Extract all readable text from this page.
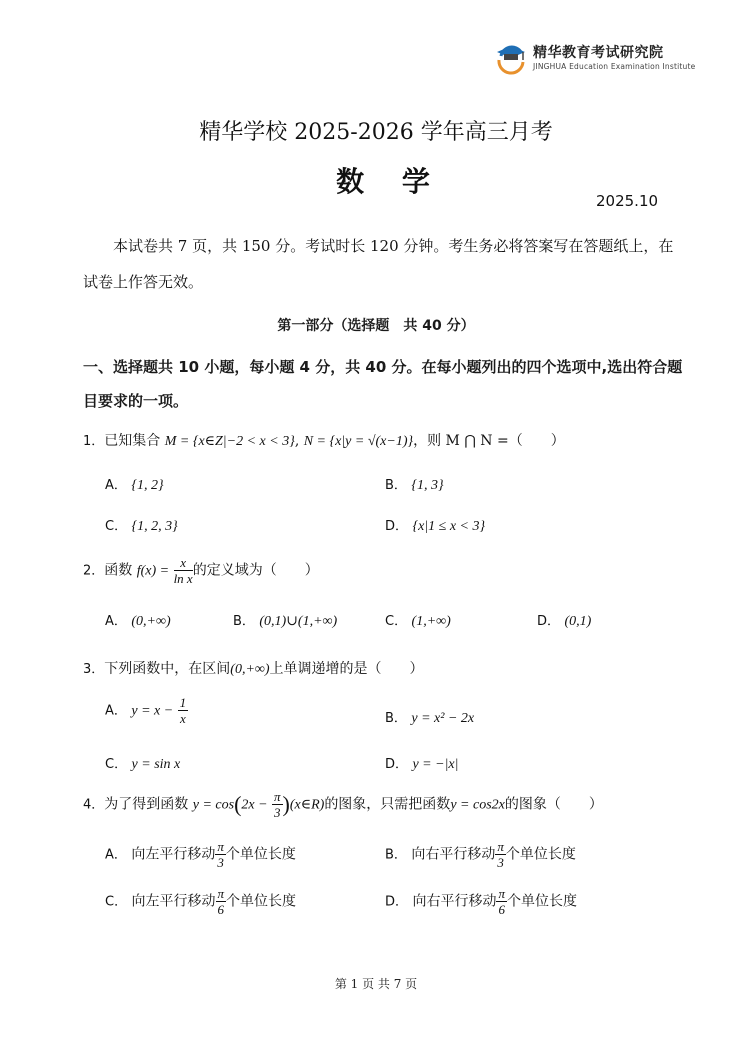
精华教育考试研究院
JINGHUA Education Examination Institute
精华学校 2025-2026 学年高三月考
数 学
2025.10
本试卷共 7 页，共 150 分。考试时长 120 分钟。考生务必将答案写在答题纸上，在
试卷上作答无效。
第一部分（选择题　共 40 分）
一、选择题共 10 小题，每小题 4 分，共 40 分。在每小题列出的四个选项中,选出符合题
目要求的一项。
1．已知集合 M = {x∈Z|−2 < x < 3}, N = {x|y = √(x−1)}，则 M ⋂ N =（　　）
A． {1, 2}	B． {1, 3}
C． {1, 2, 3}	D． {x|1 ≤ x < 3}
2．函数 $f(x) = \frac{x}{\text{ln x}}$ 的定义域为（　　）
A． (0,+∞)	B． (0,1)∪(1,+∞)	C． (1,+∞)	D． (0,1)
3．下列函数中，在区间(0,+∞)上单调递增的是（　　）
A． $y = x - \frac{1}{x}$	B． y = x² − 2x
C． y = sin x	D． y = −|x|
4．为了得到函数 $y = \cos(2x - \frac{\pi}{3}$ )(x∈R)的图象，只需把函数y = cos2x的图象（　　）
A． 向左平行移动 $\frac{\pi}{3}$ 个单位长度	B． 向右平行移动 $\frac{\pi}{3}$ 个单位长度
C． 向左平行移动 $\frac{\pi}{6}$ 个单位长度	D． 向右平行移动 $\frac{\pi}{6}$ 个单位长度
第 1 页 共 7 页
